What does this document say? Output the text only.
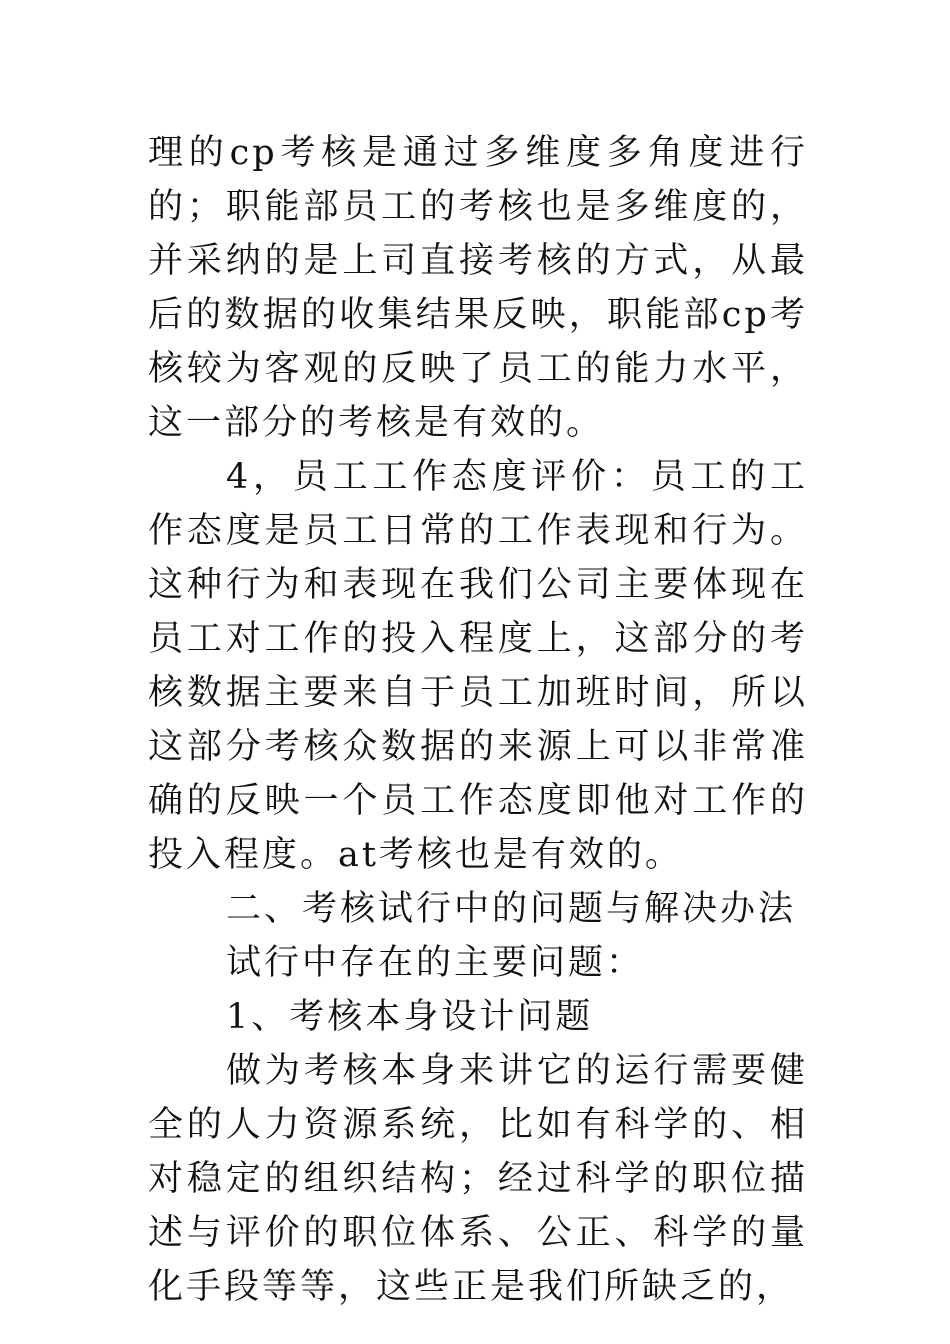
理的cp考核是通过多维度多角度进行的；职能部员工的考核也是多维度的，并采纳的是上司直接考核的方式，从最后的数据的收集结果反映，职能部cp考核较为客观的反映了员工的能力水平，这一部分的考核是有效的。

4，员工工作态度评价：员工的工作态度是员工日常的工作表现和行为。这种行为和表现在我们公司主要体现在员工对工作的投入程度上，这部分的考核数据主要来自于员工加班时间，所以这部分考核众数据的来源上可以非常准确的反映一个员工作态度即他对工作的投入程度。at考核也是有效的。

二、考核试行中的问题与解决办法

试行中存在的主要问题：

1、考核本身设计问题

做为考核本身来讲它的运行需要健全的人力资源系统，比如有科学的、相对稳定的组织结构；经过科学的职位描述与评价的职位体系、公正、科学的量化手段等等，这些正是我们所缺乏的，
